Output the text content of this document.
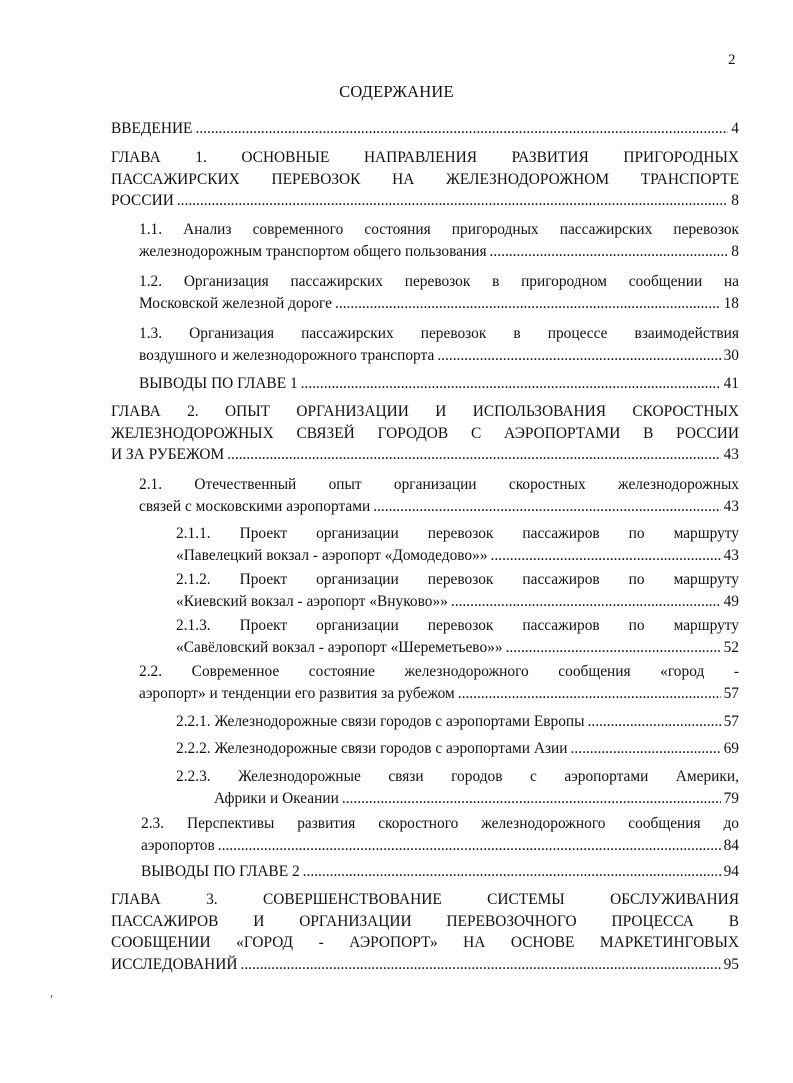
2
СОДЕРЖАНИЕ
ВВЕДЕНИЕ .....	4
ГЛАВА 1. ОСНОВНЫЕ НАПРАВЛЕНИЯ РАЗВИТИЯ ПРИГОРОДНЫХ
ПАССАЖИРСКИХ ПЕРЕВОЗОК НА ЖЕЛЕЗНОДОРОЖНОМ ТРАНСПОРТЕ
РОССИИ .....	8
1.1. Анализ современного состояния пригородных пассажирских перевозок
железнодорожным транспортом общего пользования .....	8
1.2. Организация пассажирских перевозок в пригородном сообщении на
Московской железной дороге .....	18
1.3. Организация пассажирских перевозок в процессе взаимодействия
воздушного и железнодорожного транспорта .....	30
ВЫВОДЫ ПО ГЛАВЕ 1 .....	41
ГЛАВА 2. ОПЫТ ОРГАНИЗАЦИИ И ИСПОЛЬЗОВАНИЯ СКОРОСТНЫХ
ЖЕЛЕЗНОДОРОЖНЫХ СВЯЗЕЙ ГОРОДОВ С АЭРОПОРТАМИ В РОССИИ
И ЗА РУБЕЖОМ .....	43
2.1. Отечественный опыт организации скоростных железнодорожных
связей с московскими аэропортами .....	43
2.1.1. Проект организации перевозок пассажиров по маршруту
«Павелецкий вокзал - аэропорт «Домодедово»» .....	43
2.1.2. Проект организации перевозок пассажиров по маршруту
«Киевский вокзал - аэропорт «Внуково»» .....	49
2.1.3. Проект организации перевозок пассажиров по маршруту
«Савёловский вокзал - аэропорт «Шереметьево»» .....	52
2.2. Современное состояние железнодорожного сообщения «город -
аэропорт» и тенденции его развития за рубежом .....	57
2.2.1. Железнодорожные связи городов с аэропортами Европы .....	57
2.2.2. Железнодорожные связи городов с аэропортами Азии .....	69
2.2.3. Железнодорожные связи городов с аэропортами Америки,
Африки и Океании .....	79
2.3. Перспективы развития скоростного железнодорожного сообщения до
аэропортов .....	84
ВЫВОДЫ ПО ГЛАВЕ 2 .....	94
ГЛАВА 3. СОВЕРШЕНСТВОВАНИЕ СИСТЕМЫ ОБСЛУЖИВАНИЯ
ПАССАЖИРОВ И ОРГАНИЗАЦИИ ПЕРЕВОЗОЧНОГО ПРОЦЕССА В
СООБЩЕНИИ «ГОРОД - АЭРОПОРТ» НА ОСНОВЕ МАРКЕТИНГОВЫХ
ИССЛЕДОВАНИЙ .....	95
‘
